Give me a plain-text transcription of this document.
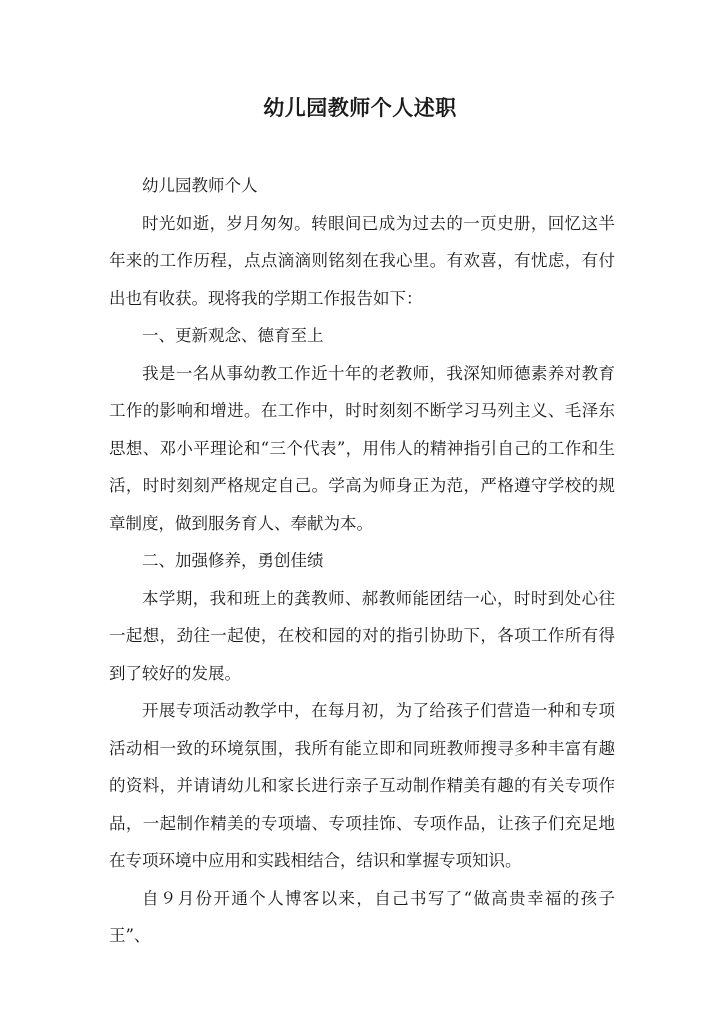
幼儿园教师个人述职

幼儿园教师个人

时光如逝，岁月匆匆。转眼间已成为过去的一页史册，回忆这半年来的工作历程，点点滴滴则铭刻在我心里。有欢喜，有忧虑，有付出也有收获。现将我的学期工作报告如下：

一、更新观念、德育至上

我是一名从事幼教工作近十年的老教师，我深知师德素养对教育工作的影响和增进。在工作中，时时刻刻不断学习马列主义、毛泽东思想、邓小平理论和“三个代表”，用伟人的精神指引自己的工作和生活，时时刻刻严格规定自己。学高为师身正为范，严格遵守学校的规章制度，做到服务育人、奉献为本。

二、加强修养，勇创佳绩

本学期，我和班上的龚教师、郝教师能团结一心，时时到处心往一起想，劲往一起使，在校和园的对的指引协助下，各项工作所有得到了较好的发展。

开展专项活动教学中，在每月初，为了给孩子们营造一种和专项活动相一致的环境氛围，我所有能立即和同班教师搜寻多种丰富有趣的资料，并请请幼儿和家长进行亲子互动制作精美有趣的有关专项作品，一起制作精美的专项墙、专项挂饰、专项作品，让孩子们充足地在专项环境中应用和实践相结合，结识和掌握专项知识。

自９月份开通个人博客以来，自己书写了“做高贵幸福的孩子王”、
